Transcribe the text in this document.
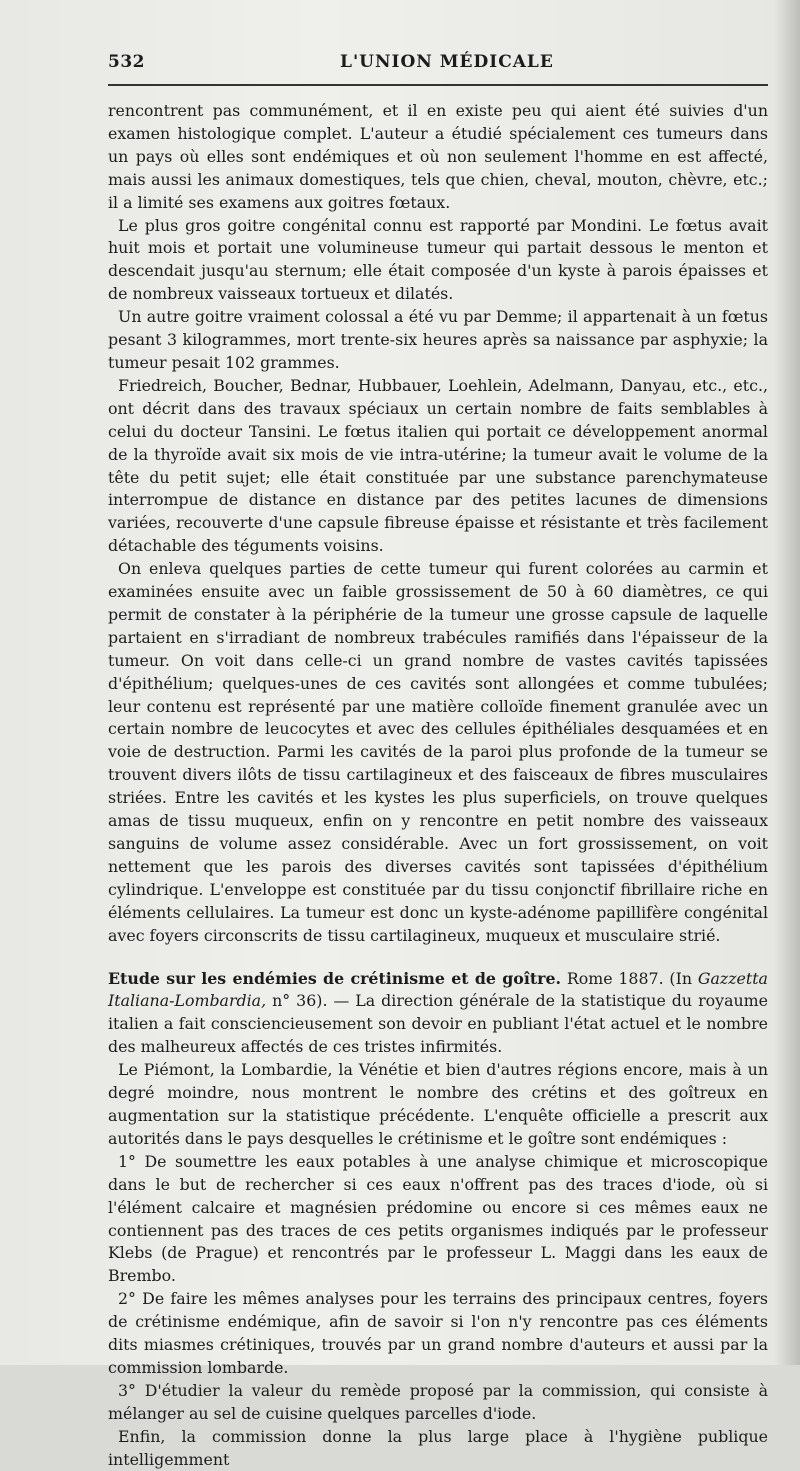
532	L'UNION MÉDICALE

rencontrent pas communément, et il en existe peu qui aient été suivies d'un examen histologique complet. L'auteur a étudié spécialement ces tumeurs dans un pays où elles sont endémiques et où non seulement l'homme en est affecté, mais aussi les animaux domestiques, tels que chien, cheval, mouton, chèvre, etc.; il a limité ses examens aux goitres fœtaux.

Le plus gros goitre congénital connu est rapporté par Mondini. Le fœtus avait huit mois et portait une volumineuse tumeur qui partait dessous le menton et descendait jusqu'au sternum; elle était composée d'un kyste à parois épaisses et de nombreux vaisseaux tortueux et dilatés.

Un autre goitre vraiment colossal a été vu par Demme; il appartenait à un fœtus pesant 3 kilogrammes, mort trente-six heures après sa naissance par asphyxie; la tumeur pesait 102 grammes.

Friedreich, Boucher, Bednar, Hubbauer, Loehlein, Adelmann, Danyau, etc., etc., ont décrit dans des travaux spéciaux un certain nombre de faits semblables à celui du docteur Tansini. Le fœtus italien qui portait ce développement anormal de la thyroïde avait six mois de vie intra-utérine; la tumeur avait le volume de la tête du petit sujet; elle était constituée par une substance parenchymateuse interrompue de distance en distance par des petites lacunes de dimensions variées, recouverte d'une capsule fibreuse épaisse et résistante et très facilement détachable des téguments voisins.

On enleva quelques parties de cette tumeur qui furent colorées au carmin et examinées ensuite avec un faible grossissement de 50 à 60 diamètres, ce qui permit de constater à la périphérie de la tumeur une grosse capsule de laquelle partaient en s'irradiant de nombreux trabécules ramifiés dans l'épaisseur de la tumeur. On voit dans celle-ci un grand nombre de vastes cavités tapissées d'épithélium; quelques-unes de ces cavités sont allongées et comme tubulées; leur contenu est représenté par une matière colloïde finement granulée avec un certain nombre de leucocytes et avec des cellules épithéliales desquamées et en voie de destruction. Parmi les cavités de la paroi plus profonde de la tumeur se trouvent divers ilôts de tissu cartilagineux et des faisceaux de fibres musculaires striées. Entre les cavités et les kystes les plus superficiels, on trouve quelques amas de tissu muqueux, enfin on y rencontre en petit nombre des vaisseaux sanguins de volume assez considérable. Avec un fort grossissement, on voit nettement que les parois des diverses cavités sont tapissées d'épithélium cylindrique. L'enveloppe est constituée par du tissu conjonctif fibrillaire riche en éléments cellulaires. La tumeur est donc un kyste-adénome papillifère congénital avec foyers circonscrits de tissu cartilagineux, muqueux et musculaire strié.

Etude sur les endémies de crétinisme et de goître. Rome 1887. (In Gazzetta Italiana-Lombardia, n° 36). — La direction générale de la statistique du royaume italien a fait consciencieusement son devoir en publiant l'état actuel et le nombre des malheureux affectés de ces tristes infirmités.

Le Piémont, la Lombardie, la Vénétie et bien d'autres régions encore, mais à un degré moindre, nous montrent le nombre des crétins et des goîtreux en augmentation sur la statistique précédente. L'enquête officielle a prescrit aux autorités dans le pays desquelles le crétinisme et le goître sont endémiques :

1° De soumettre les eaux potables à une analyse chimique et microscopique dans le but de rechercher si ces eaux n'offrent pas des traces d'iode, où si l'élément calcaire et magnésien prédomine ou encore si ces mêmes eaux ne contiennent pas des traces de ces petits organismes indiqués par le professeur Klebs (de Prague) et rencontrés par le professeur L. Maggi dans les eaux de Brembo.

2° De faire les mêmes analyses pour les terrains des principaux centres, foyers de crétinisme endémique, afin de savoir si l'on n'y rencontre pas ces éléments dits miasmes crétiniques, trouvés par un grand nombre d'auteurs et aussi par la commission lombarde.

3° D'étudier la valeur du remède proposé par la commission, qui consiste à mélanger au sel de cuisine quelques parcelles d'iode.

Enfin, la commission donne la plus large place à l'hygiène publique intelligemment
